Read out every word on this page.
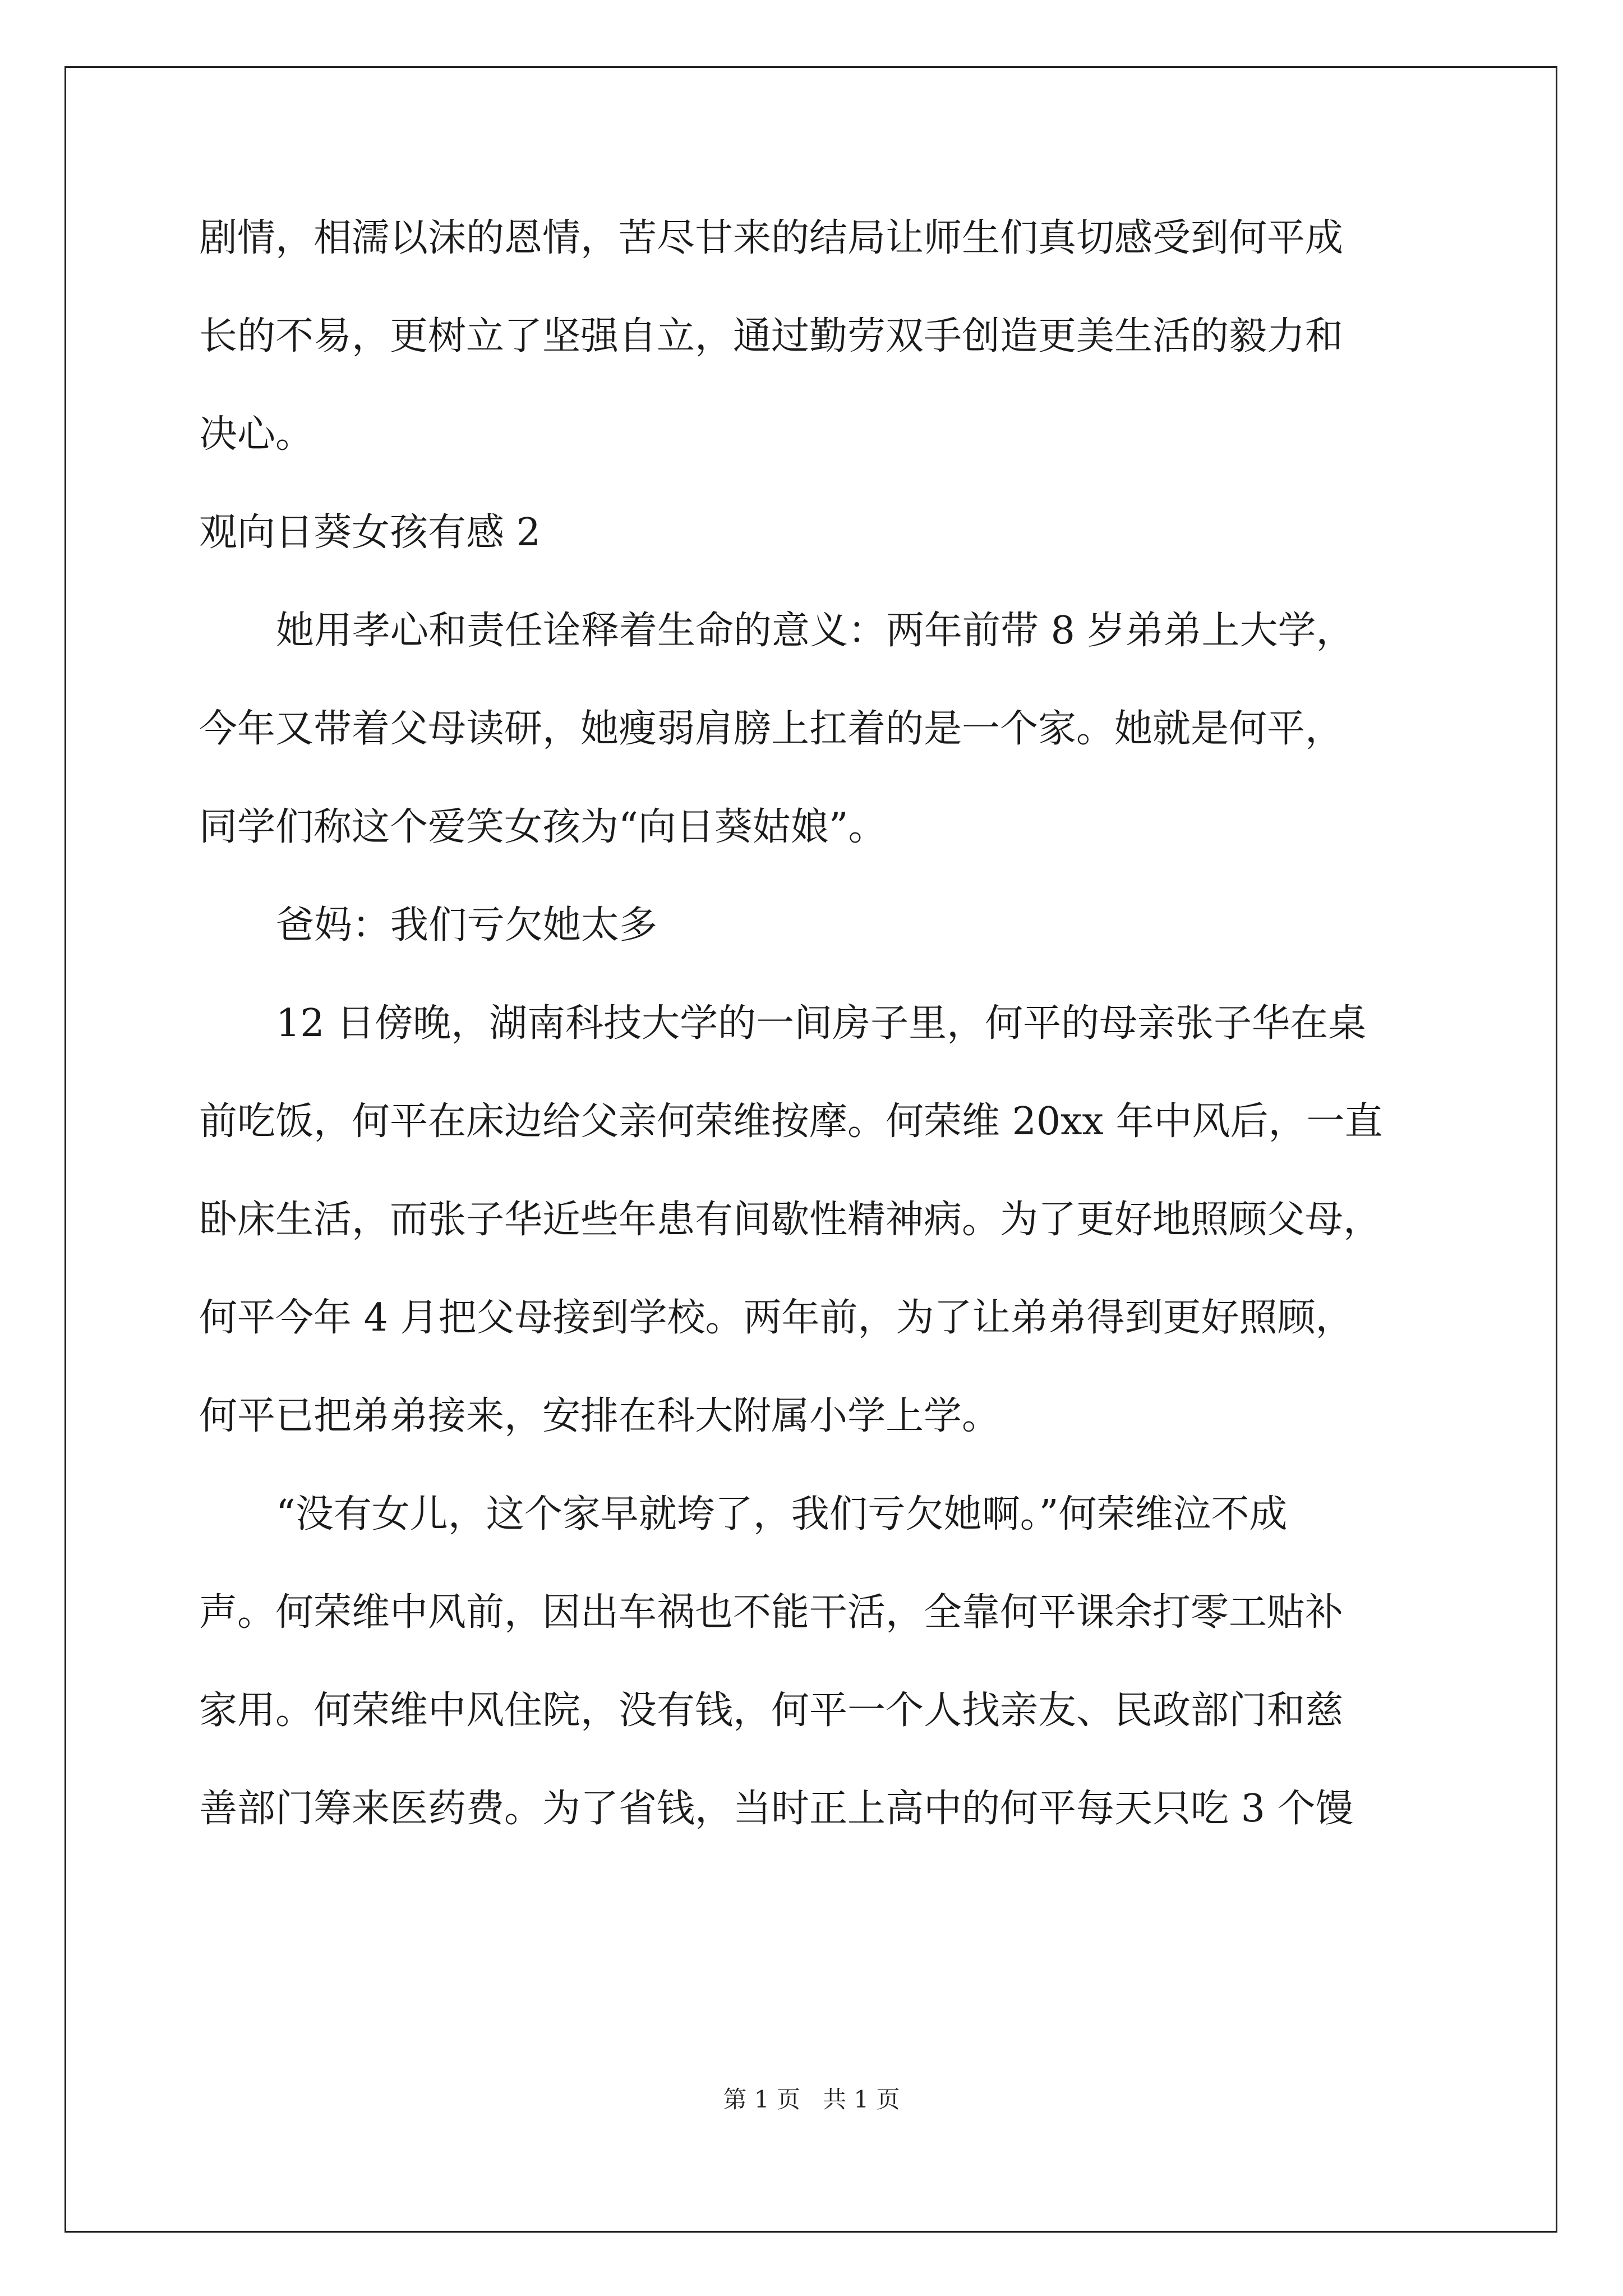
剧情，相濡以沫的恩情，苦尽甘来的结局让师生们真切感受到何平成
长的不易，更树立了坚强自立，通过勤劳双手创造更美生活的毅力和
决心。
观向日葵女孩有感 2
她用孝心和责任诠释着生命的意义：两年前带 8 岁弟弟上大学，
今年又带着父母读研，她瘦弱肩膀上扛着的是一个家。她就是何平，
同学们称这个爱笑女孩为“向日葵姑娘”。
爸妈：我们亏欠她太多
12 日傍晚，湖南科技大学的一间房子里，何平的母亲张子华在桌
前吃饭，何平在床边给父亲何荣维按摩。何荣维 20xx 年中风后，一直
卧床生活，而张子华近些年患有间歇性精神病。为了更好地照顾父母，
何平今年 4 月把父母接到学校。两年前，为了让弟弟得到更好照顾，
何平已把弟弟接来，安排在科大附属小学上学。
“没有女儿，这个家早就垮了，我们亏欠她啊。”何荣维泣不成
声。何荣维中风前，因出车祸也不能干活，全靠何平课余打零工贴补
家用。何荣维中风住院，没有钱，何平一个人找亲友、民政部门和慈
善部门筹来医药费。为了省钱，当时正上高中的何平每天只吃 3 个馒
第 1 页   共 1 页
